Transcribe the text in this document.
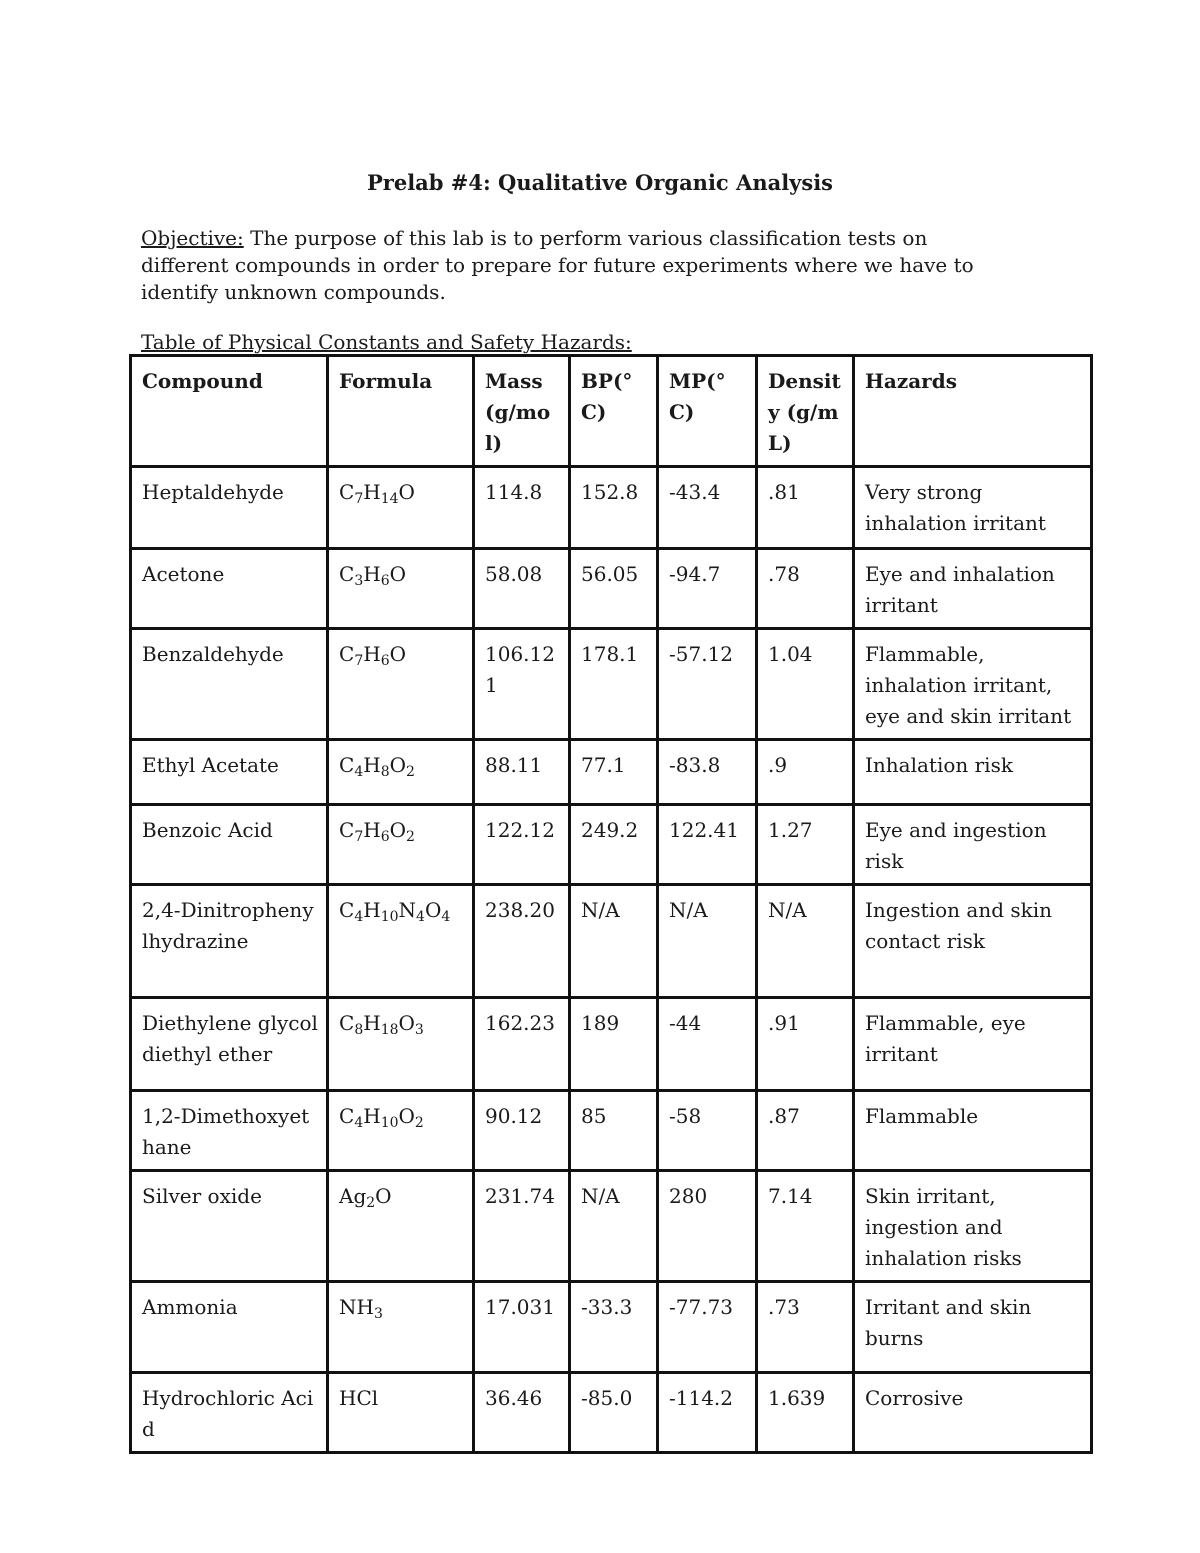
Prelab #4: Qualitative Organic Analysis
Objective: The purpose of this lab is to perform various classification tests on different compounds in order to prepare for future experiments where we have to identify unknown compounds.
Table of Physical Constants and Safety Hazards:
Compound	Formula	Mass (g/mol)	BP(°C)	MP(°C)	Density (g/mL)	Hazards
Heptaldehyde	$C_7H_{14}O$	114.8	152.8	-43.4	.81	Very strong inhalation irritant
Acetone	$C_3H_6O$	58.08	56.05	-94.7	.78	Eye and inhalation irritant
Benzaldehyde	$C_7H_6O$	106.121	178.1	-57.12	1.04	Flammable, inhalation irritant, eye and skin irritant
Ethyl Acetate	$C_4H_8O_2$	88.11	77.1	-83.8	.9	Inhalation risk
Benzoic Acid	$C_7H_6O_2$	122.12	249.2	122.41	1.27	Eye and ingestion risk
2,4-Dinitrophenylhydrazine	$C_4H_{10}N_4O_4$	238.20	N/A	N/A	N/A	Ingestion and skin contact risk
Diethylene glycol diethyl ether	$C_8H_{18}O_3$	162.23	189	-44	.91	Flammable, eye irritant
1,2-Dimethoxyethane	$C_4H_{10}O_2$	90.12	85	-58	.87	Flammable
Silver oxide	$Ag_2O$	231.74	N/A	280	7.14	Skin irritant, ingestion and inhalation risks
Ammonia	$NH_3$	17.031	-33.3	-77.73	.73	Irritant and skin burns
Hydrochloric Acid	HCl	36.46	-85.0	-114.2	1.639	Corrosive
